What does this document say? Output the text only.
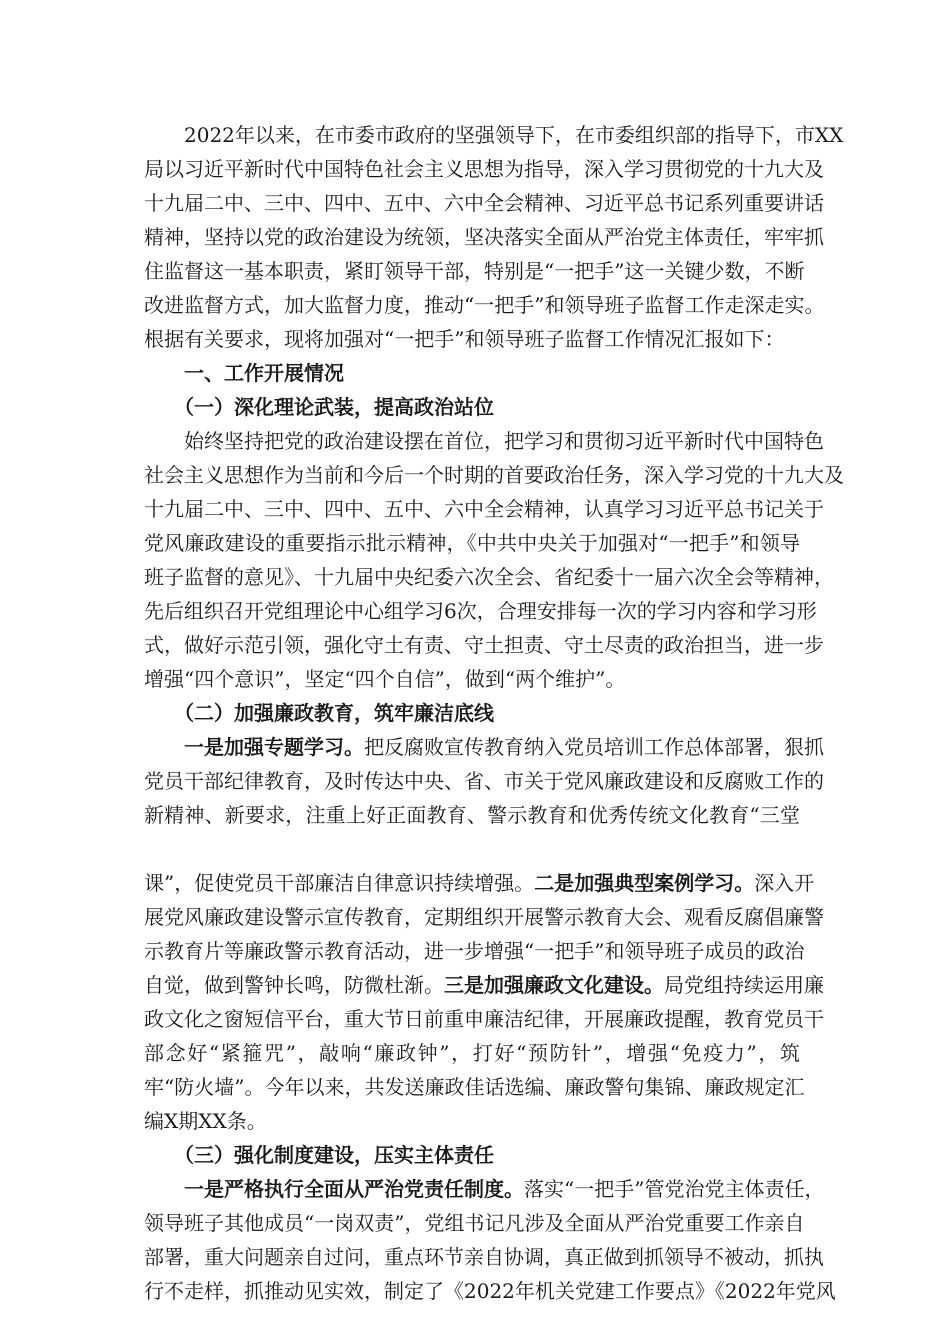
2022年以来，在市委市政府的坚强领导下，在市委组织部的指导下，市XX
局以习近平新时代中国特色社会主义思想为指导，深入学习贯彻党的十九大及
十九届二中、三中、四中、五中、六中全会精神、习近平总书记系列重要讲话
精神，坚持以党的政治建设为统领，坚决落实全面从严治党主体责任，牢牢抓
住监督这一基本职责，紧盯领导干部，特别是“一把手”这一关键少数，不断
改进监督方式，加大监督力度，推动“一把手”和领导班子监督工作走深走实。
根据有关要求，现将加强对“一把手”和领导班子监督工作情况汇报如下：
一、工作开展情况
（一）深化理论武装，提高政治站位
始终坚持把党的政治建设摆在首位，把学习和贯彻习近平新时代中国特色
社会主义思想作为当前和今后一个时期的首要政治任务，深入学习党的十九大及
十九届二中、三中、四中、五中、六中全会精神，认真学习习近平总书记关于
党风廉政建设的重要指示批示精神，《中共中央关于加强对“一把手”和领导
班子监督的意见》、十九届中央纪委六次全会、省纪委十一届六次全会等精神，
先后组织召开党组理论中心组学习6次，合理安排每一次的学习内容和学习形
式，做好示范引领，强化守土有责、守土担责、守土尽责的政治担当，进一步
增强“四个意识”，坚定“四个自信”，做到“两个维护”。
（二）加强廉政教育，筑牢廉洁底线
一是加强专题学习。把反腐败宣传教育纳入党员培训工作总体部署，狠抓
党员干部纪律教育，及时传达中央、省、市关于党风廉政建设和反腐败工作的
新精神、新要求，注重上好正面教育、警示教育和优秀传统文化教育“三堂
课”，促使党员干部廉洁自律意识持续增强。二是加强典型案例学习。深入开
展党风廉政建设警示宣传教育，定期组织开展警示教育大会、观看反腐倡廉警
示教育片等廉政警示教育活动，进一步增强“一把手”和领导班子成员的政治
自觉，做到警钟长鸣，防微杜渐。三是加强廉政文化建设。局党组持续运用廉
政文化之窗短信平台，重大节日前重申廉洁纪律，开展廉政提醒，教育党员干
部念好“紧箍咒”，敲响“廉政钟”，打好“预防针”，增强“免疫力”，筑
牢“防火墙”。今年以来，共发送廉政佳话选编、廉政警句集锦、廉政规定汇
编X期XX条。
（三）强化制度建设，压实主体责任
一是严格执行全面从严治党责任制度。落实“一把手”管党治党主体责任，
领导班子其他成员“一岗双责”，党组书记凡涉及全面从严治党重要工作亲自
部署，重大问题亲自过问，重点环节亲自协调，真正做到抓领导不被动，抓执
行不走样，抓推动见实效，制定了《2022年机关党建工作要点》《2022年党风
